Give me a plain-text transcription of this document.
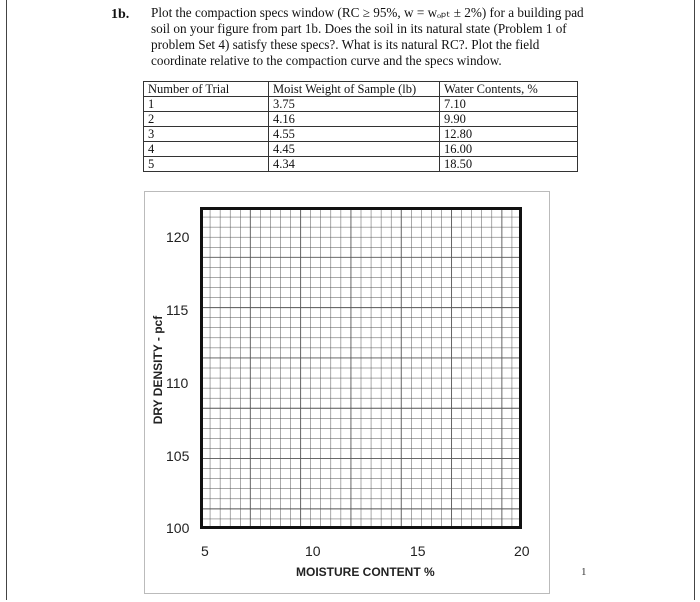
1b. Plot the compaction specs window (RC ≥ 95%, w = wₒₚₜ ± 2%) for a building pad
soil on your figure from part 1b. Does the soil in its natural state (Problem 1 of
problem Set 4) satisfy these specs?. What is its natural RC?. Plot the field
coordinate relative to the compaction curve and the specs window.
Number of Trial	Moist Weight of Sample (lb)	Water Contents, %
1	3.75	7.10
2	4.16	9.90
3	4.55	12.80
4	4.45	16.00
5	4.34	18.50
DRY DENSITY - pcf
120
115
110
105
100
5	10	15	20
MOISTURE CONTENT %	1
